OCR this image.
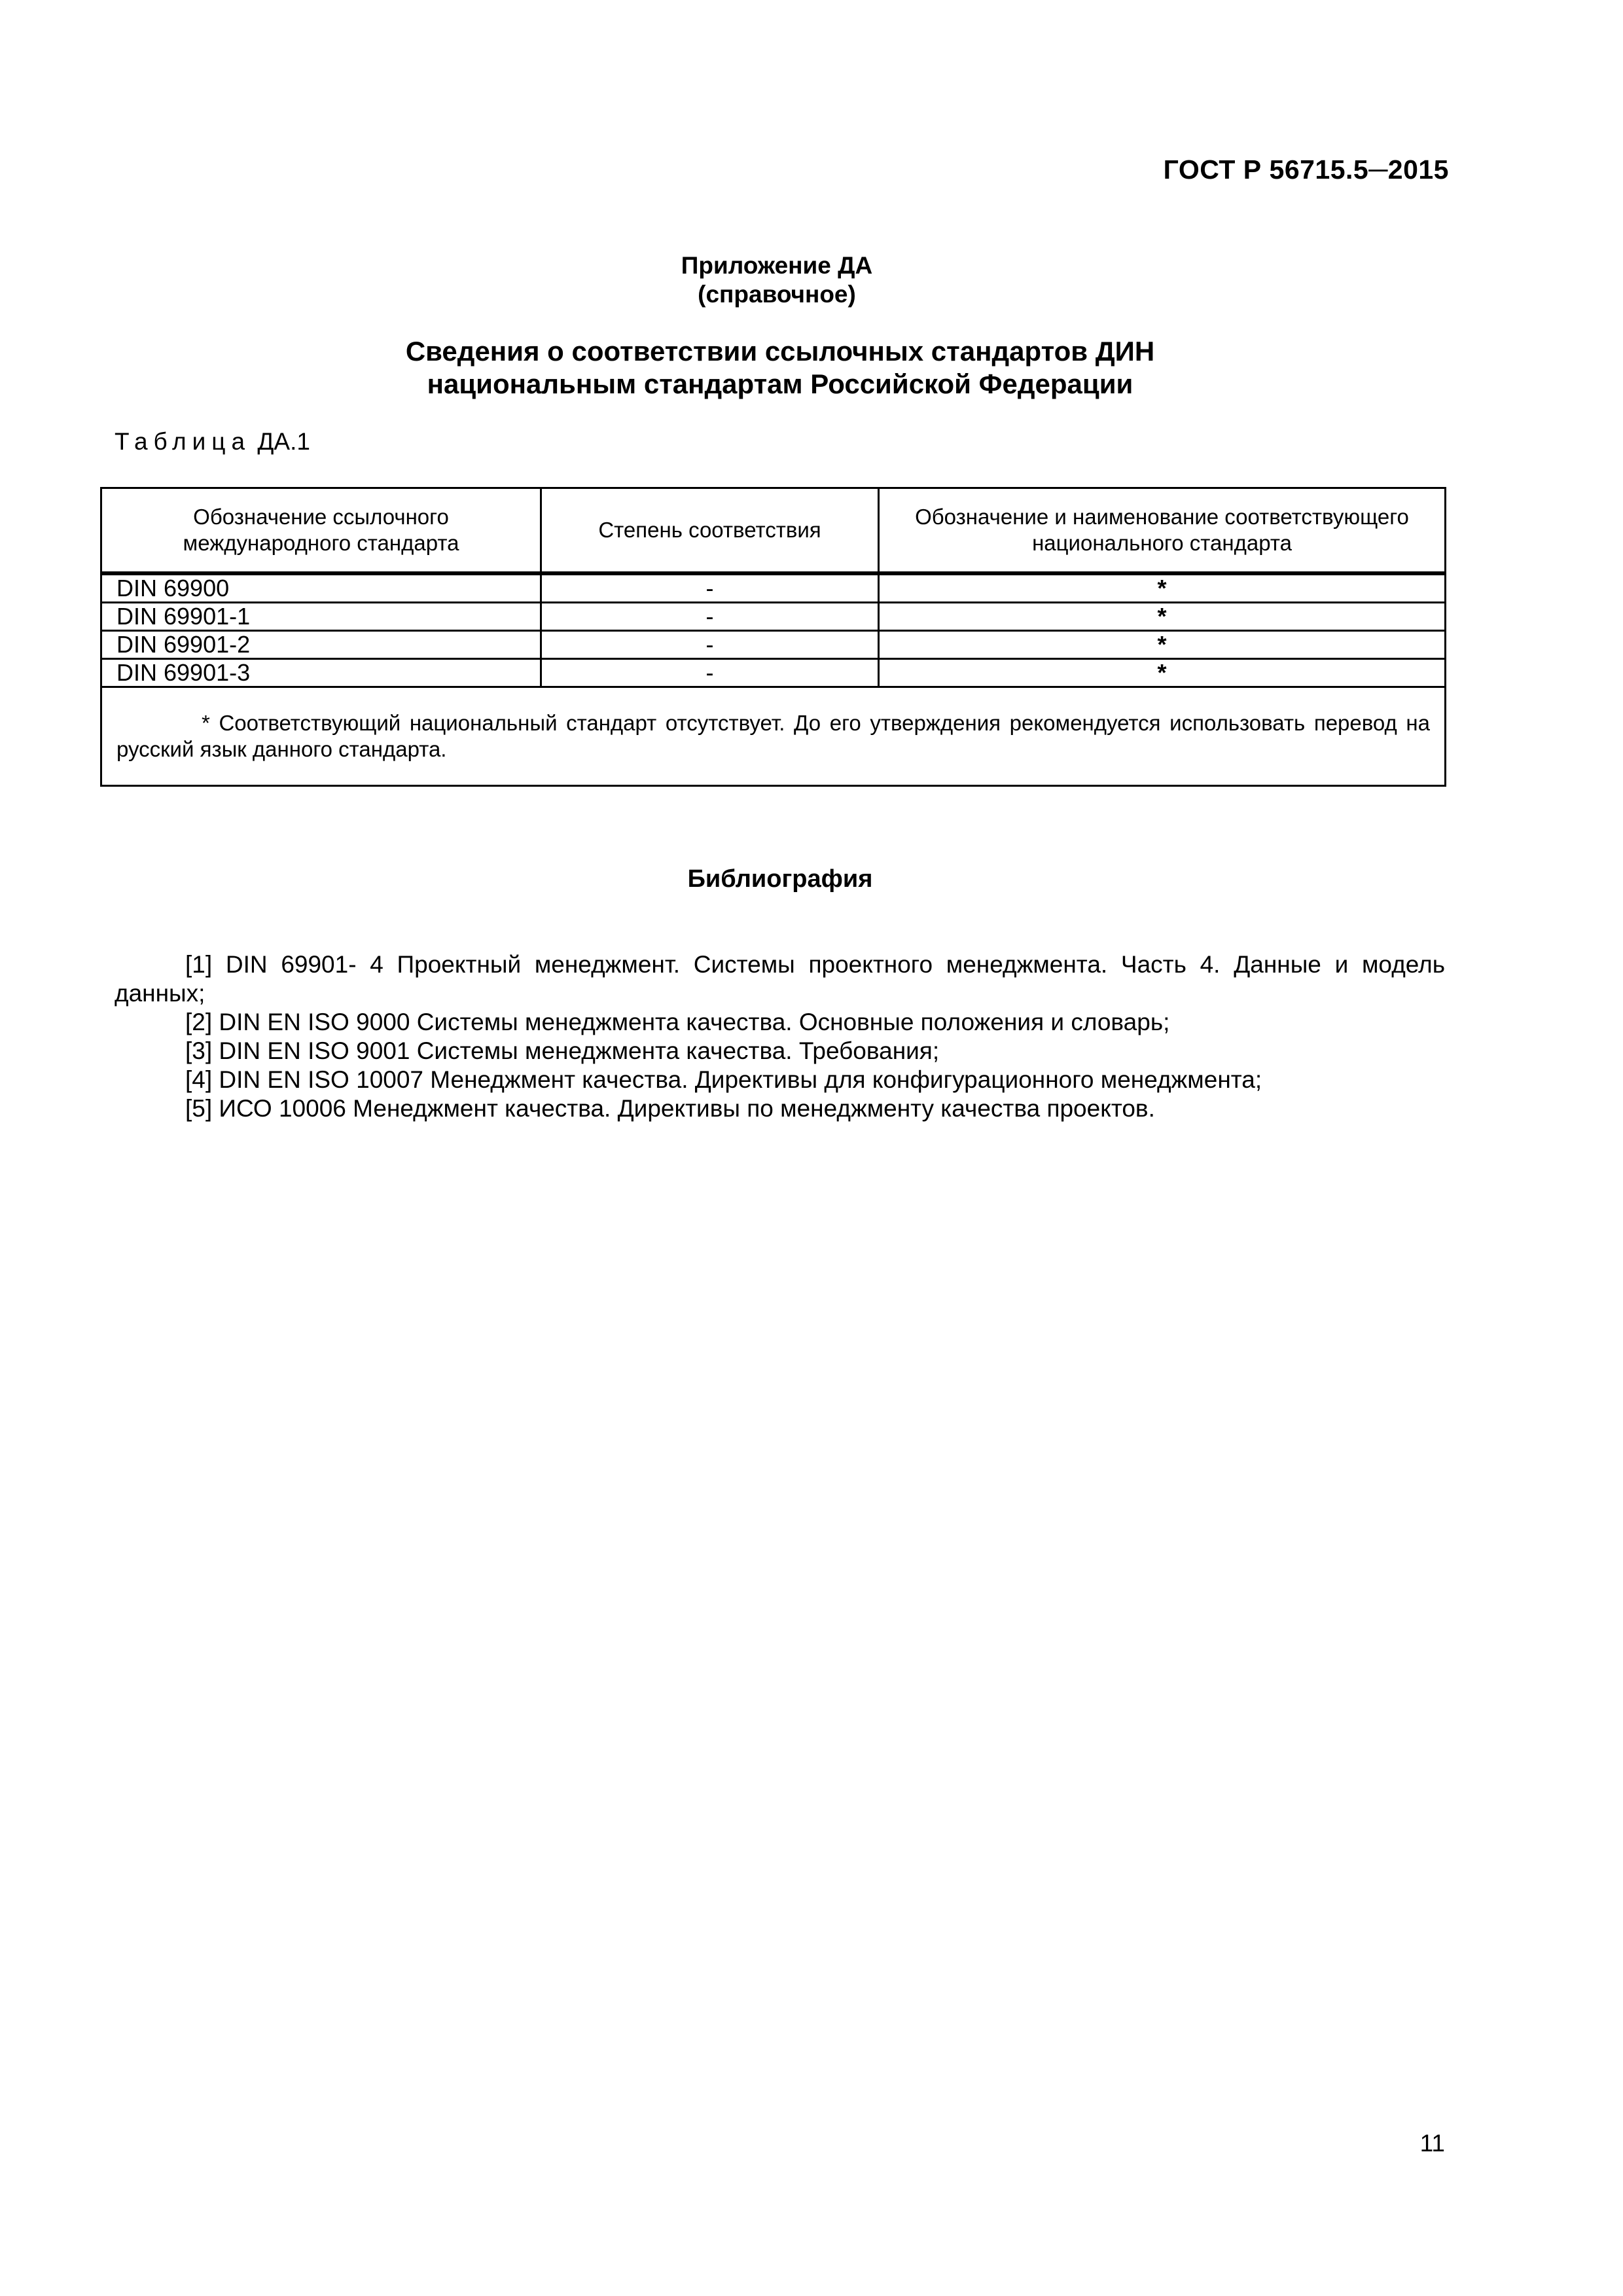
ГОСТ Р 56715.5─2015
Приложение ДА
(справочное)
Сведения о соответствии ссылочных стандартов ДИН
национальным стандартам Российской Федерации
Таблица ДА.1
Обозначение ссылочного международного стандарта	Степень соответствия	Обозначение и наименование соответствующего национального стандарта
DIN 69900	-	*
DIN 69901-1	-	*
DIN 69901-2	-	*
DIN 69901-3	-	*
* Соответствующий национальный стандарт отсутствует. До его утверждения рекомендуется использовать перевод на русский язык данного стандарта.		
Библиография

[1] DIN 69901- 4 Проектный менеджмент. Системы проектного менеджмента. Часть 4. Данные и модель данных;

[2] DIN EN ISO 9000 Системы менеджмента качества. Основные положения и словарь;

[3] DIN EN ISO 9001 Системы менеджмента качества. Требования;

[4] DIN EN ISO 10007 Менеджмент качества. Директивы для конфигурационного менеджмента;

[5] ИСО 10006 Менеджмент качества. Директивы по менеджменту качества проектов.

11
